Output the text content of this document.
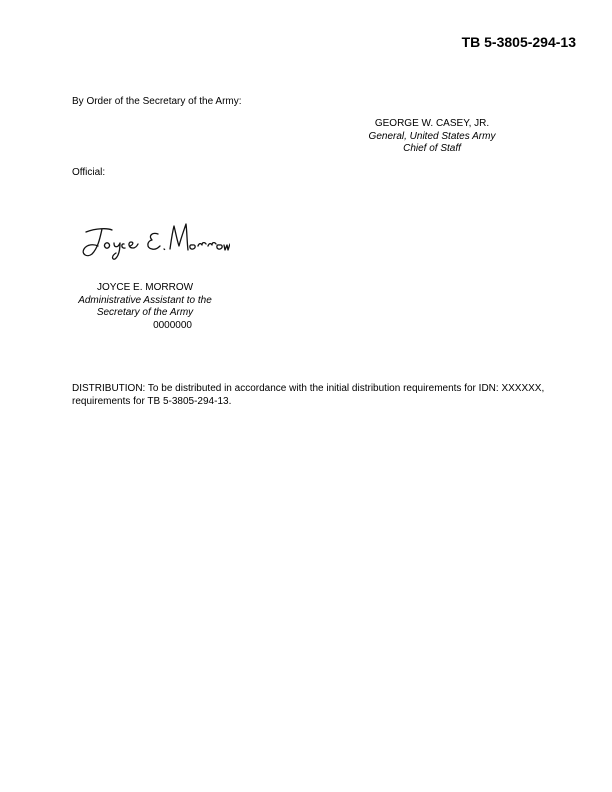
TB 5-3805-294-13
By Order of the Secretary of the Army:
GEORGE W. CASEY, JR.
General, United States Army
Chief of Staff
Official:
JOYCE E. MORROW
Administrative Assistant to the
Secretary of the Army
0000000
DISTRIBUTION: To be distributed in accordance with the initial distribution requirements for IDN: XXXXXX,
requirements for TB 5-3805-294-13.
